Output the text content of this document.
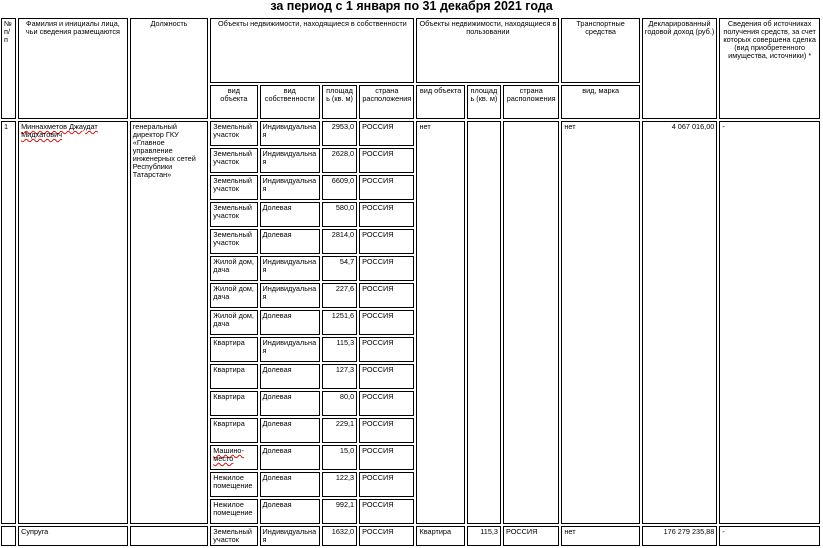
за период с 1 января по 31 декабря 2021 года
№ п/п	Фамилия и инициалы лица, чьи сведения размещаются	Должность	Объекты недвижимости, находящиеся в собственности				Объекты недвижимости, находящиеся в пользовании			Транспортные средства	Декларированный годовой доход (руб.)	Сведения об источниках получения средств, за счет которых совершена сделка (вид приобретенного имущества, источники) *
			вид объекта	вид собственности	площадь (кв. м)	страна расположения	вид объекта	площадь (кв. м)	страна расположения	вид, марка		
1	Миннахметов Джаудат Мидхатович	генеральный директор ГКУ «Главное управление инженерных сетей Республики Татарстан»	Земельный участок	Индивидуальная	2953,0	РОССИЯ	нет			нет	4 067 016,00	-
			Земельный участок	Индивидуальная	2628,0	РОССИЯ						
			Земельный участок	Индивидуальная	6609,0	РОССИЯ						
			Земельный участок	Долевая	580,0	РОССИЯ						
			Земельный участок	Долевая	2814,0	РОССИЯ						
			Жилой дом, дача	Индивидуальная	54,7	РОССИЯ						
			Жилой дом, дача	Индивидуальная	227,6	РОССИЯ						
			Жилой дом, дача	Долевая	1251,6	РОССИЯ						
			Квартира	Индивидуальная	115,3	РОССИЯ						
			Квартира	Долевая	127,3	РОССИЯ						
			Квартира	Долевая	80,0	РОССИЯ						
			Квартира	Долевая	229,1	РОССИЯ						
			Машино-место	Долевая	15,0	РОССИЯ						
			Нежилое помещение	Долевая	122,3	РОССИЯ						
			Нежилое помещение	Долевая	992,1	РОССИЯ						
	Супруга		Земельный участок	Индивидуальная	1632,0	РОССИЯ	Квартира	115,3	РОССИЯ	нет	176 279 235,88	-
